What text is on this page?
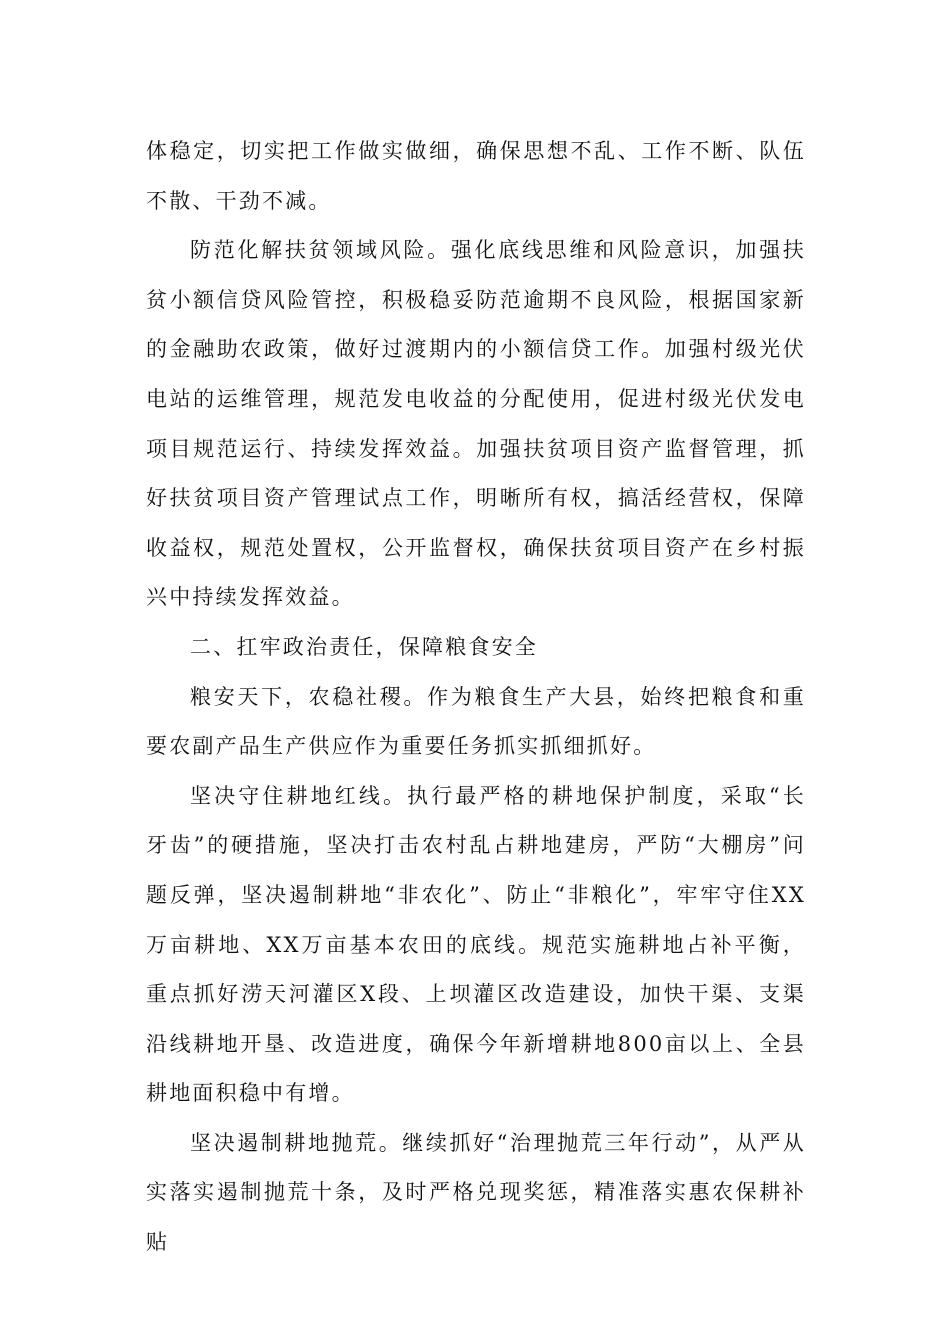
体稳定，切实把工作做实做细，确保思想不乱、工作不断、队伍不散、干劲不减。

防范化解扶贫领域风险。强化底线思维和风险意识，加强扶贫小额信贷风险管控，积极稳妥防范逾期不良风险，根据国家新的金融助农政策，做好过渡期内的小额信贷工作。加强村级光伏电站的运维管理，规范发电收益的分配使用，促进村级光伏发电项目规范运行、持续发挥效益。加强扶贫项目资产监督管理，抓好扶贫项目资产管理试点工作，明晰所有权，搞活经营权，保障收益权，规范处置权，公开监督权，确保扶贫项目资产在乡村振兴中持续发挥效益。

二、扛牢政治责任，保障粮食安全

粮安天下，农稳社稷。作为粮食生产大县，始终把粮食和重要农副产品生产供应作为重要任务抓实抓细抓好。

坚决守住耕地红线。执行最严格的耕地保护制度，采取“长牙齿”的硬措施，坚决打击农村乱占耕地建房，严防“大棚房”问题反弹，坚决遏制耕地“非农化”、防止“非粮化”，牢牢守住XX万亩耕地、XX万亩基本农田的底线。规范实施耕地占补平衡，重点抓好涝天河灌区X段、上坝灌区改造建设，加快干渠、支渠沿线耕地开垦、改造进度，确保今年新增耕地800亩以上、全县耕地面积稳中有增。

坚决遏制耕地抛荒。继续抓好“治理抛荒三年行动”，从严从实落实遏制抛荒十条，及时严格兑现奖惩，精准落实惠农保耕补贴
